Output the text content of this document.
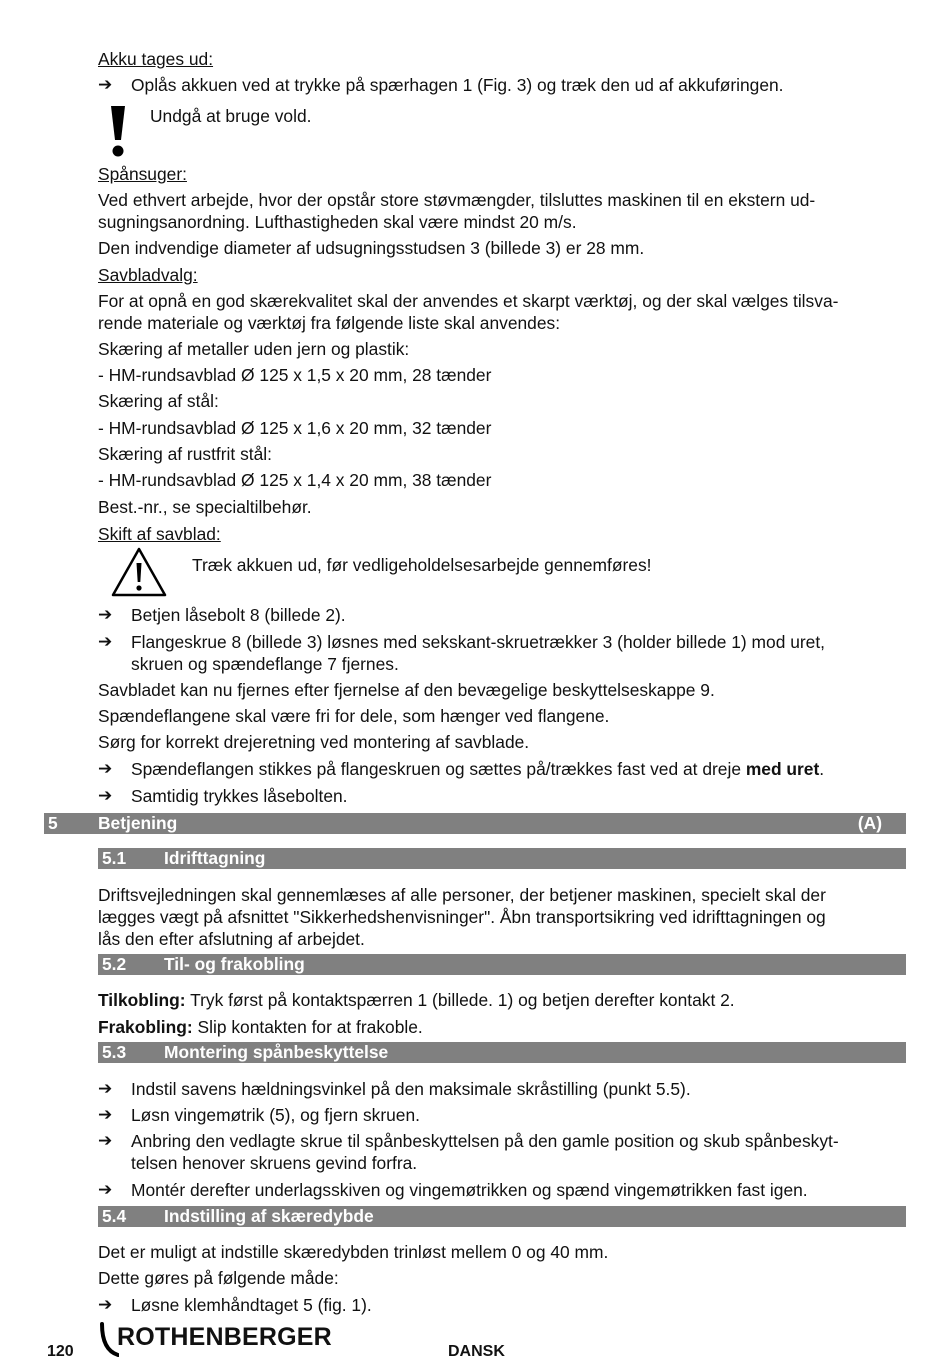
Akku tages ud:
➔ Oplås akkuen ved at trykke på spærhagen 1 (Fig. 3) og træk den ud af akkuføringen.
Undgå at bruge vold.
Spånsuger:
Ved ethvert arbejde, hvor der opstår store støvmængder, tilsluttes maskinen til en ekstern ud-
sugningsanordning. Lufthastigheden skal være mindst 20 m/s.
Den indvendige diameter af udsugningsstudsen 3 (billede 3) er 28 mm.
Savbladvalg:
For at opnå en god skærekvalitet skal der anvendes et skarpt værktøj, og der skal vælges tilsva-
rende materiale og værktøj fra følgende liste skal anvendes:
Skæring af metaller uden jern og plastik:
- HM-rundsavblad Ø 125 x 1,5 x 20 mm, 28 tænder
Skæring af stål:
- HM-rundsavblad Ø 125 x 1,6 x 20 mm, 32 tænder
Skæring af rustfrit stål:
- HM-rundsavblad Ø 125 x 1,4 x 20 mm, 38 tænder
Best.-nr., se specialtilbehør.
Skift af savblad:
Træk akkuen ud, før vedligeholdelsesarbejde gennemføres!
➔ Betjen låsebolt 8 (billede 2).
➔ Flangeskrue 8 (billede 3) løsnes med sekskant-skruetrækker 3 (holder billede 1) mod uret,
skruen og spændeflange 7 fjernes.
Savbladet kan nu fjernes efter fjernelse af den bevægelige beskyttelseskappe 9.
Spændeflangene skal være fri for dele, som hænger ved flangene.
Sørg for korrekt drejeretning ved montering af savblade.
➔ Spændeflangen stikkes på flangeskruen og sættes på/trækkes fast ved at dreje med uret.
➔ Samtidig trykkes låsebolten.
5 Betjening	(A)
5.1 Idrifttagning
Driftsvejledningen skal gennemlæses af alle personer, der betjener maskinen, specielt skal der
lægges vægt på afsnittet "Sikkerhedshenvisninger". Åbn transportsikring ved idrifttagningen og
lås den efter afslutning af arbejdet.
5.2 Til- og frakobling
Tilkobling: Tryk først på kontaktspærren 1 (billede. 1) og betjen derefter kontakt 2.
Frakobling: Slip kontakten for at frakoble.
5.3 Montering spånbeskyttelse
➔ Indstil savens hældningsvinkel på den maksimale skråstilling (punkt 5.5).
➔ Løsn vingemøtrik (5), og fjern skruen.
➔ Anbring den vedlagte skrue til spånbeskyttelsen på den gamle position og skub spånbeskyt-
telsen henover skruens gevind forfra.
➔ Montér derefter underlagsskiven og vingemøtrikken og spænd vingemøtrikken fast igen.
5.4 Indstilling af skæredybde
Det er muligt at indstille skæredybden trinløst mellem 0 og 40 mm.
Dette gøres på følgende måde:
➔ Løsne klemhåndtaget 5 (fig. 1).
120
ROTHENBERGER
DANSK
